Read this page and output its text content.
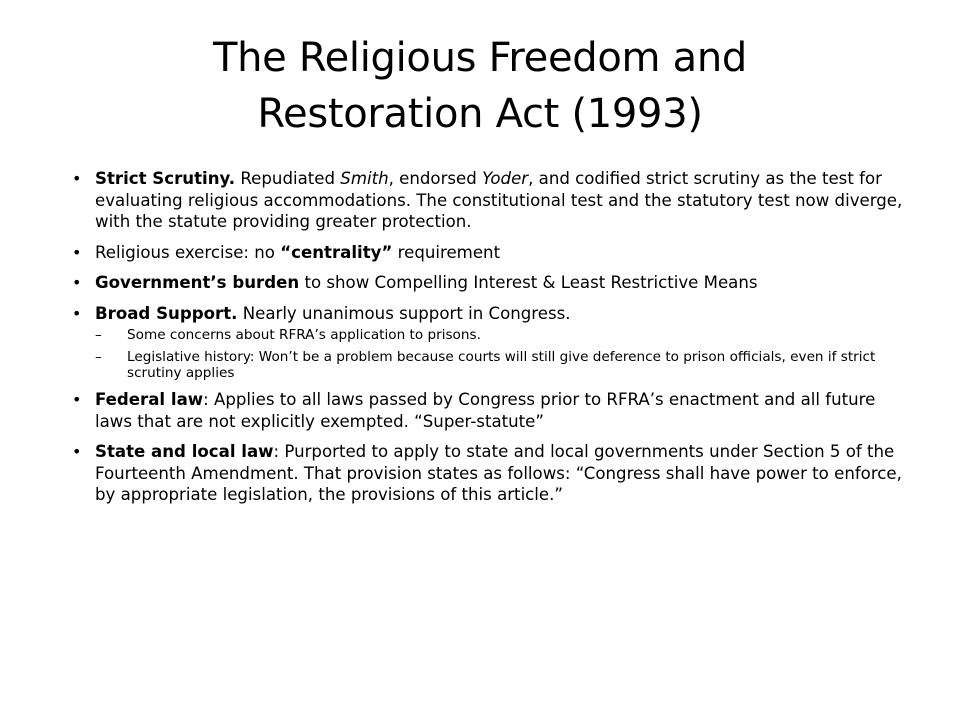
The Religious Freedom and
Restoration Act (1993)
• Strict Scrutiny. Repudiated Smith, endorsed Yoder, and codified strict scrutiny as the test for evaluating religious accommodations. The constitutional test and the statutory test now diverge, with the statute providing greater protection.
• Religious exercise: no “centrality” requirement
• Government’s burden to show Compelling Interest & Least Restrictive Means
• Broad Support. Nearly unanimous support in Congress.
– Some concerns about RFRA’s application to prisons.
– Legislative history: Won’t be a problem because courts will still give deference to prison officials, even if strict scrutiny applies
• Federal law: Applies to all laws passed by Congress prior to RFRA’s enactment and all future laws that are not explicitly exempted. “Super-statute”
• State and local law: Purported to apply to state and local governments under Section 5 of the Fourteenth Amendment. That provision states as follows: “Congress shall have power to enforce, by appropriate legislation, the provisions of this article.”
